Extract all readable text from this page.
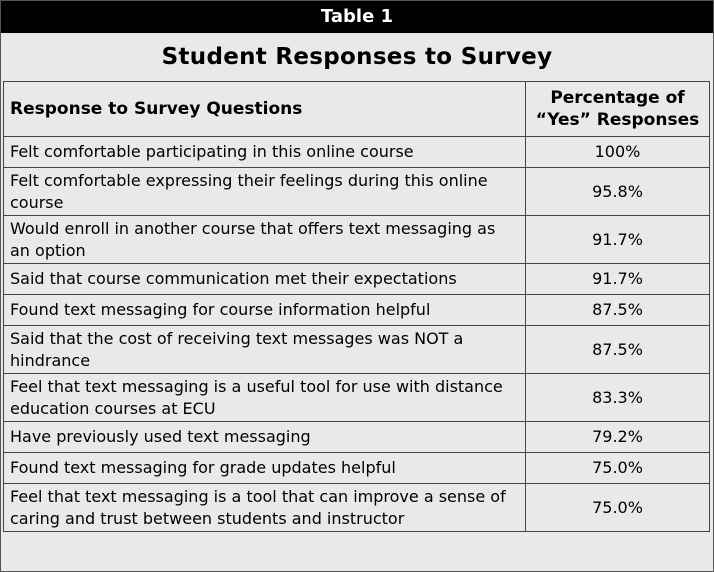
Table 1
Student Responses to Survey
Response to Survey Questions	Percentage of
“Yes” Responses
Felt comfortable participating in this online course	100%
Felt comfortable expressing their feelings during this online course	95.8%
Would enroll in another course that offers text messaging as an option	91.7%
Said that course communication met their expectations	91.7%
Found text messaging for course information helpful	87.5%
Said that the cost of receiving text messages was NOT a hindrance	87.5%
Feel that text messaging is a useful tool for use with distance education courses at ECU	83.3%
Have previously used text messaging	79.2%
Found text messaging for grade updates helpful	75.0%
Feel that text messaging is a tool that can improve a sense of caring and trust between students and instructor	75.0%
